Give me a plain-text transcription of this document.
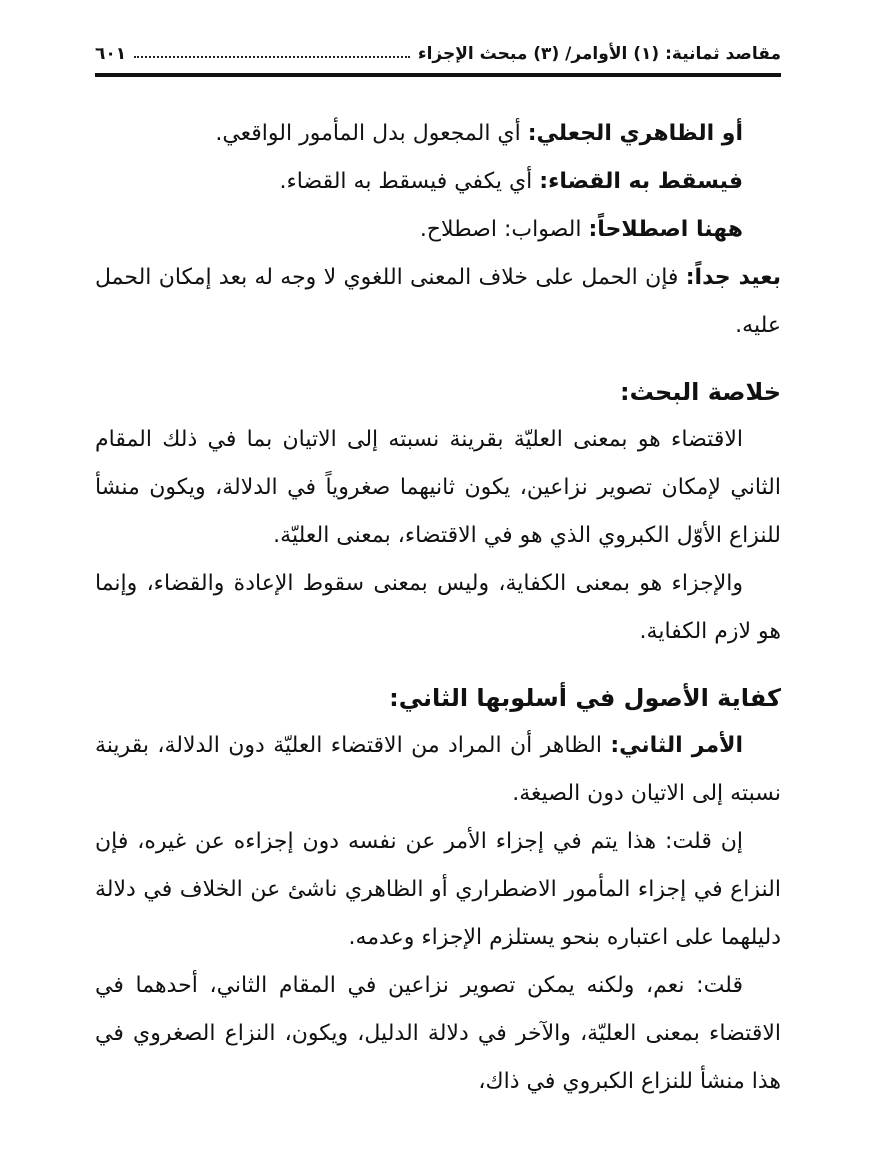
مقاصد ثمانية: (١) الأوامر/ (٣) مبحث الإجزاء
٦٠١

أو الظاهري الجعلي: أي المجعول بدل المأمور الواقعي.

فيسقط به القضاء: أي يكفي فيسقط به القضاء.

ههنا اصطلاحاً: الصواب: اصطلاح.

بعيد جداً: فإن الحمل على خلاف المعنى اللغوي لا وجه له بعد إمكان الحمل عليه.

خلاصة البحث:

الاقتضاء هو بمعنى العليّة بقرينة نسبته إلى الاتيان بما في ذلك المقام الثاني لإمكان تصوير نزاعين، يكون ثانيهما صغروياً في الدلالة، ويكون منشأ للنزاع الأوّل الكبروي الذي هو في الاقتضاء، بمعنى العليّة.

والإجزاء هو بمعنى الكفاية، وليس بمعنى سقوط الإعادة والقضاء، وإنما هو لازم الكفاية.

كفاية الأصول في أسلوبها الثاني:

الأمر الثاني: الظاهر أن المراد من الاقتضاء العليّة دون الدلالة، بقرينة نسبته إلى الاتيان دون الصيغة.

إن قلت: هذا يتم في إجزاء الأمر عن نفسه دون إجزاءه عن غيره، فإن النزاع في إجزاء المأمور الاضطراري أو الظاهري ناشئ عن الخلاف في دلالة دليلهما على اعتباره بنحو يستلزم الإجزاء وعدمه.

قلت: نعم، ولكنه يمكن تصوير نزاعين في المقام الثاني، أحدهما في الاقتضاء بمعنى العليّة، والآخر في دلالة الدليل، ويكون، النزاع الصغروي في هذا منشأ للنزاع الكبروي في ذاك،
